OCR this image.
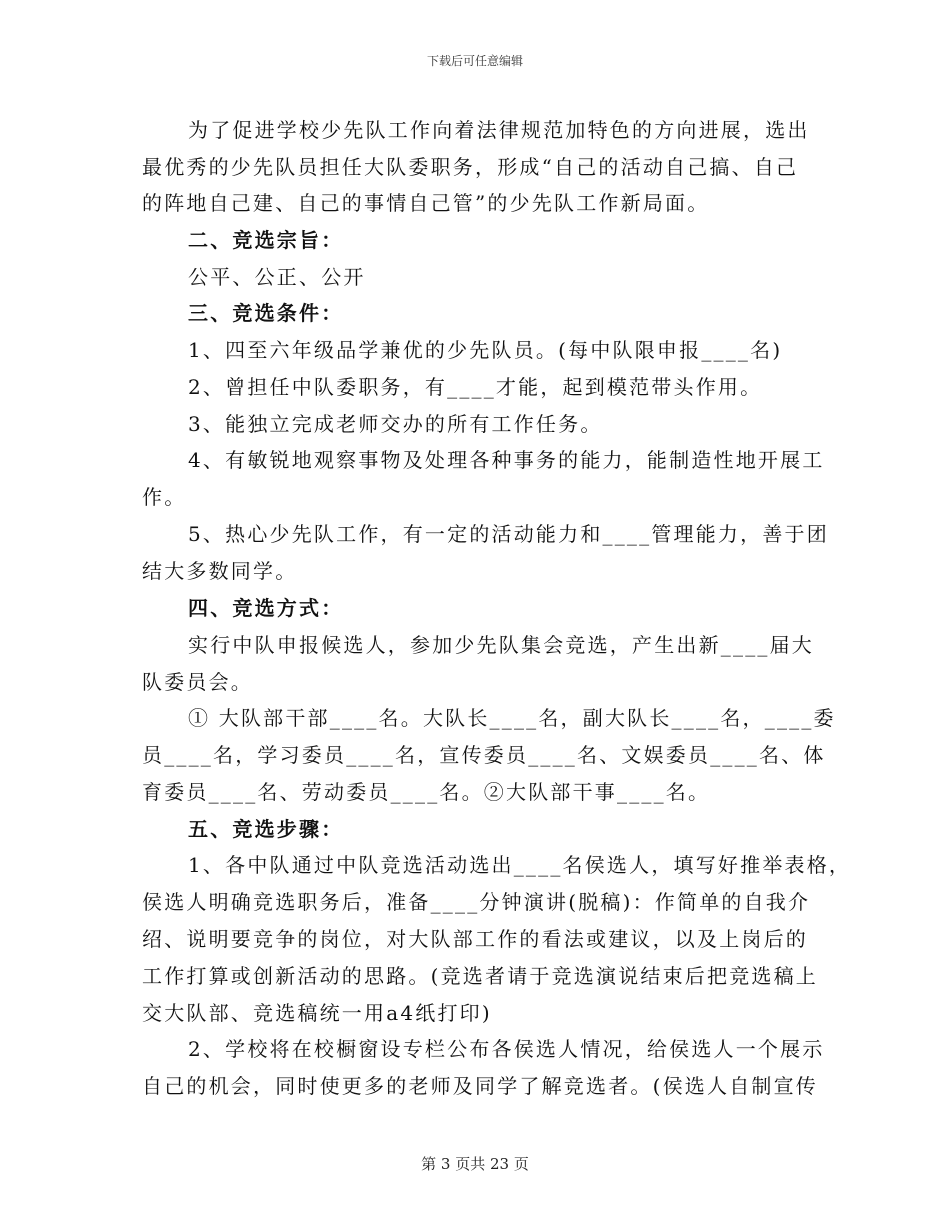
下载后可任意编辑
为了促进学校少先队工作向着法律规范加特色的方向进展，选出
最优秀的少先队员担任大队委职务，形成“自己的活动自己搞、自己
的阵地自己建、自己的事情自己管”的少先队工作新局面。
二、竞选宗旨：
公平、公正、公开
三、竞选条件：
1、四至六年级品学兼优的少先队员。(每中队限申报____名)
2、曾担任中队委职务，有____才能，起到模范带头作用。
3、能独立完成老师交办的所有工作任务。
4、有敏锐地观察事物及处理各种事务的能力，能制造性地开展工
作。
5、热心少先队工作，有一定的活动能力和____管理能力，善于团
结大多数同学。
四、竞选方式：
实行中队申报候选人，参加少先队集会竞选，产生出新____届大
队委员会。
① 大队部干部____名。大队长____名，副大队长____名，____委
员____名，学习委员____名，宣传委员____名、文娱委员____名、体
育委员____名、劳动委员____名。②大队部干事____名。
五、竞选步骤：
1、各中队通过中队竞选活动选出____名侯选人，填写好推举表格，
侯选人明确竞选职务后，准备____分钟演讲(脱稿)：作简单的自我介
绍、说明要竞争的岗位，对大队部工作的看法或建议，以及上岗后的
工作打算或创新活动的思路。(竞选者请于竞选演说结束后把竞选稿上
交大队部、竞选稿统一用a4纸打印)
2、学校将在校橱窗设专栏公布各侯选人情况，给侯选人一个展示
自己的机会，同时使更多的老师及同学了解竞选者。(侯选人自制宣传
第 3 页共 23 页
